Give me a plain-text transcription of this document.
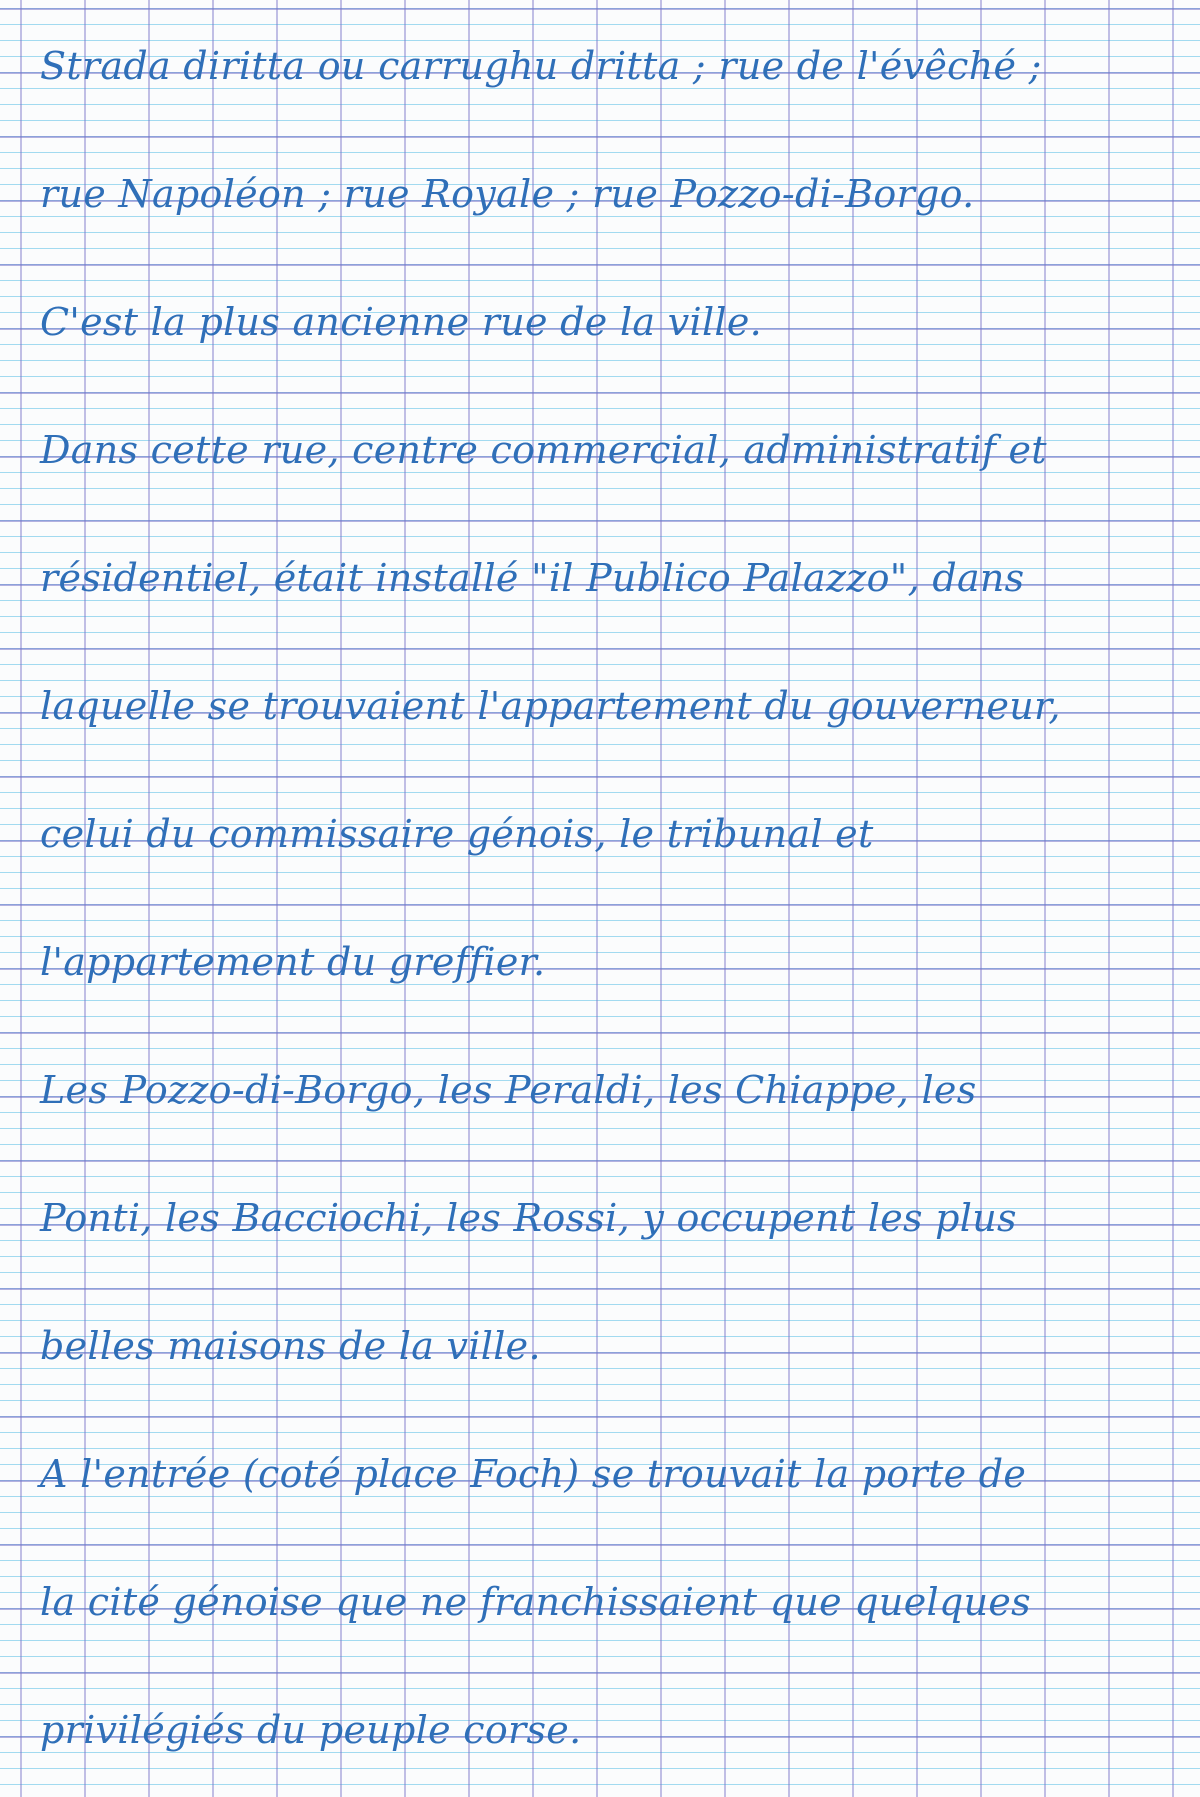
Strada diritta ou carrughu dritta ; rue de l'évêché ;

rue Napoléon ; rue Royale ; rue Pozzo-di-Borgo.

C'est la plus ancienne rue de la ville.

Dans cette rue, centre commercial, administratif et

résidentiel, était installé "il Publico Palazzo", dans

laquelle se trouvaient l'appartement du gouverneur,

celui du commissaire génois, le tribunal et

l'appartement du greffier.

Les Pozzo-di-Borgo, les Peraldi, les Chiappe, les

Ponti, les Bacciochi, les Rossi, y occupent les plus

belles maisons de la ville.

A l'entrée (coté place Foch) se trouvait la porte de

la cité génoise que ne franchissaient que quelques

privilégiés du peuple corse.
